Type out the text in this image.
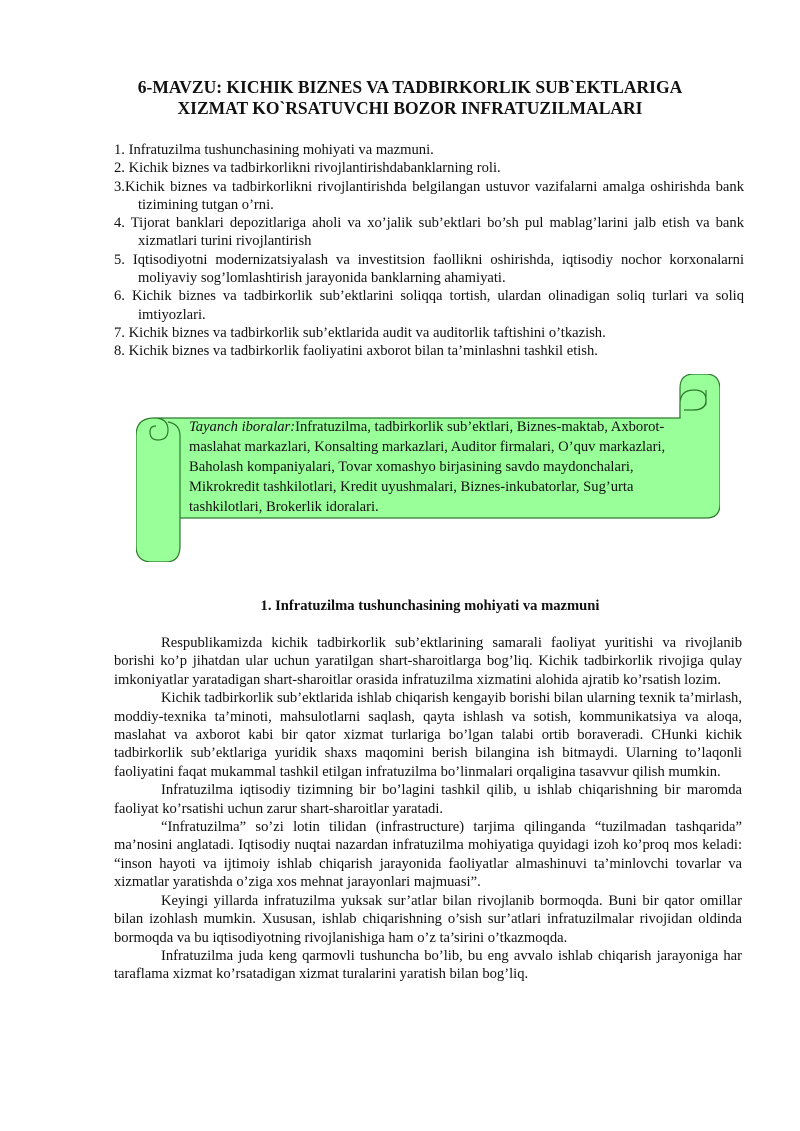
6-MAVZU: KICHIK BIZNES VA TADBIRKORLIK SUB`EKTLARIGA
XIZMAT KO`RSATUVCHI BOZOR INFRATUZILMALARI
1. Infratuzilma tushunchasining mohiyati va mazmuni.
2. Kichik biznes va tadbirkorlikni rivojlantirishdabanklarning roli.
3.Kichik biznes va tadbirkorlikni rivojlantirishda belgilangan ustuvor vazifalarni amalga oshirishda bank tizimining tutgan o’rni.
4. Tijorat banklari depozitlariga aholi va xo’jalik sub’ektlari bo’sh pul mablag’larini jalb etish va bank xizmatlari turini rivojlantirish
5. Iqtisodiyotni modernizatsiyalash va investitsion faollikni oshirishda, iqtisodiy nochor korxonalarni moliyaviy sog’lomlashtirish jarayonida banklarning ahamiyati.
6. Kichik biznes va tadbirkorlik sub’ektlarini soliqqa tortish, ulardan olinadigan soliq turlari va soliq imtiyozlari.
7. Kichik biznes va tadbirkorlik sub’ektlarida audit va auditorlik taftishini o’tkazish.
8. Kichik biznes va tadbirkorlik faoliyatini axborot bilan ta’minlashni tashkil etish.
Tayanch iboralar:Infratuzilma, tadbirkorlik sub’ektlari, Biznes-maktab, Axborot-maslahat markazlari, Konsalting markazlari, Auditor firmalari, O’quv markazlari, Baholash kompaniyalari, Tovar xomashyo birjasining savdo maydonchalari, Mikrokredit tashkilotlari, Kredit uyushmalari, Biznes-inkubatorlar, Sug’urta tashkilotlari, Brokerlik idoralari.
1. Infratuzilma tushunchasining mohiyati va mazmuni

Respublikamizda kichik tadbirkorlik sub’ektlarining samarali faoliyat yuritishi va rivojlanib borishi ko’p jihatdan ular uchun yaratilgan shart-sharoitlarga bog’liq. Kichik tadbirkorlik rivojiga qulay imkoniyatlar yaratadigan shart-sharoitlar orasida infratuzilma xizmatini alohida ajratib ko’rsatish lozim.

Kichik tadbirkorlik sub’ektlarida ishlab chiqarish kengayib borishi bilan ularning texnik ta’mirlash, moddiy-texnika ta’minoti, mahsulotlarni saqlash, qayta ishlash va sotish, kommunikatsiya va aloqa, maslahat va axborot kabi bir qator xizmat turlariga bo’lgan talabi ortib boraveradi. CHunki kichik tadbirkorlik sub’ektlariga yuridik shaxs maqomini berish bilangina ish bitmaydi. Ularning to’laqonli faoliyatini faqat mukammal tashkil etilgan infratuzilma bo’linmalari orqaligina tasavvur qilish mumkin.

Infratuzilma iqtisodiy tizimning bir bo’lagini tashkil qilib, u ishlab chiqarishning bir maromda faoliyat ko’rsatishi uchun zarur shart-sharoitlar yaratadi.

“Infratuzilma” so’zi lotin tilidan (infrastructure) tarjima qilinganda “tuzilmadan tashqarida” ma’nosini anglatadi. Iqtisodiy nuqtai nazardan infratuzilma mohiyatiga quyidagi izoh ko’proq mos keladi: “inson hayoti va ijtimoiy ishlab chiqarish jarayonida faoliyatlar almashinuvi ta’minlovchi tovarlar va xizmatlar yaratishda o’ziga xos mehnat jarayonlari majmuasi”.

Keyingi yillarda infratuzilma yuksak sur’atlar bilan rivojlanib bormoqda. Buni bir qator omillar bilan izohlash mumkin. Xususan, ishlab chiqarishning o’sish sur’atlari infratuzilmalar rivojidan oldinda bormoqda va bu iqtisodiyotning rivojlanishiga ham o’z ta’sirini o’tkazmoqda.

Infratuzilma juda keng qarmovli tushuncha bo’lib, bu eng avvalo ishlab chiqarish jarayoniga har taraflama xizmat ko’rsatadigan xizmat turalarini yaratish bilan bog’liq.
